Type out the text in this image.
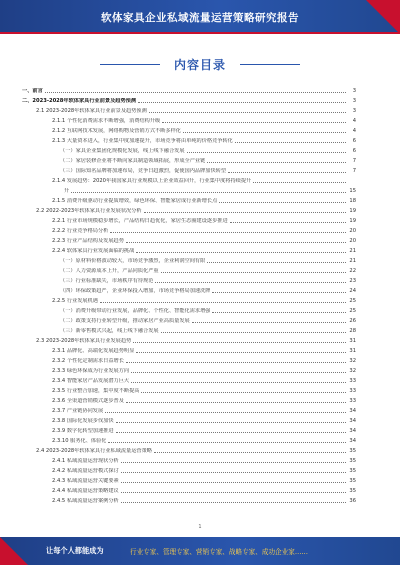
软体家具企业私域流量运营策略研究报告
内容目录
一、前言	3
二、2023-2028年软体家具行业前景及趋势预测	3
2.1 2023-2028年软体家具行业前景及趋势预测	3
2.1.1 个性化消费需求不断增强，消费结构升级	4
2.1.2 互联网技术发展，网络购物及营销方式不断多样化	4
2.1.3 大量资本进入，行业集中度加速提升，市场竞争将由单纯的价格竞争转化	6
（一）家具企业集团化规模化发展，线上线下融合发展	6
（二）家居装修企业将不断向家具制造领域拓展，形成全产业链	7
（三）国际知名品牌将加速布局，竞争日趋激烈，促使国内品牌加快转型	7
2.1.4 发展趋势：2020年我国家具行业规模以上企业效益回升，行业集中度将持续提升
升	15
2.1.5 消费升级驱动行业提质增效，绿色环保、智能家居成行业新增长点	18
2.2 2022-2023年软体家具行业发展状况分析	19
2.2.1 行业市场规模稳步增长，产品结构日趋优化，家居生态圈建设逐步推进	19
2.2.2 行业竞争格局分析	20
2.2.3 行业产品结构及发展趋势	20
2.2.4 软体家具行业发展面临的挑战	21
（一）原材料价格波动较大，市场竞争激烈，企业利润空间有限	21
（二）人力资源成本上升，产品同质化严重	22
（三）行业标准缺失，市场秩序有待规范	23
（四）环保政策趋严，企业环保投入增加，市场竞争格局加速洗牌	24
2.2.5 行业发展机遇	25
（一）消费升级带动行业发展，品牌化、个性化、智能化需求增强	25
（二）政策支持行业转型升级，推动家居产业高质量发展	26
（三）新零售模式兴起，线上线下融合发展	28
2.3 2023-2028年软体家具行业发展趋势	31
2.3.1 品牌化、高端化发展趋势明显	31
2.3.2 个性化定制需求日益增长	32
2.3.3 绿色环保成为行业发展方向	32
2.3.4 智能家居产品发展潜力巨大	33
2.3.5 行业整合加速，集中度不断提高	33
2.3.6 全渠道营销模式逐步普及	33
2.3.7 产业链协同发展	34
2.3.8 国际化发展步伐加快	34
2.3.9 数字化转型加速推进	34
2.3.10 服务化、体验化	34
2.4 2023-2028年软体家具行业私域流量运营策略	35
2.4.1 私域流量运营现状分析	35
2.4.2 私域流量运营模式探讨	35
2.4.3 私域流量运营关键要素	35
2.4.4 私域流量运营策略建议	35
2.4.5 私域流量运营案例分析	36
1
让每个人都能成为	行业专家、管理专家、营销专家、战略专家、成功企业家……
